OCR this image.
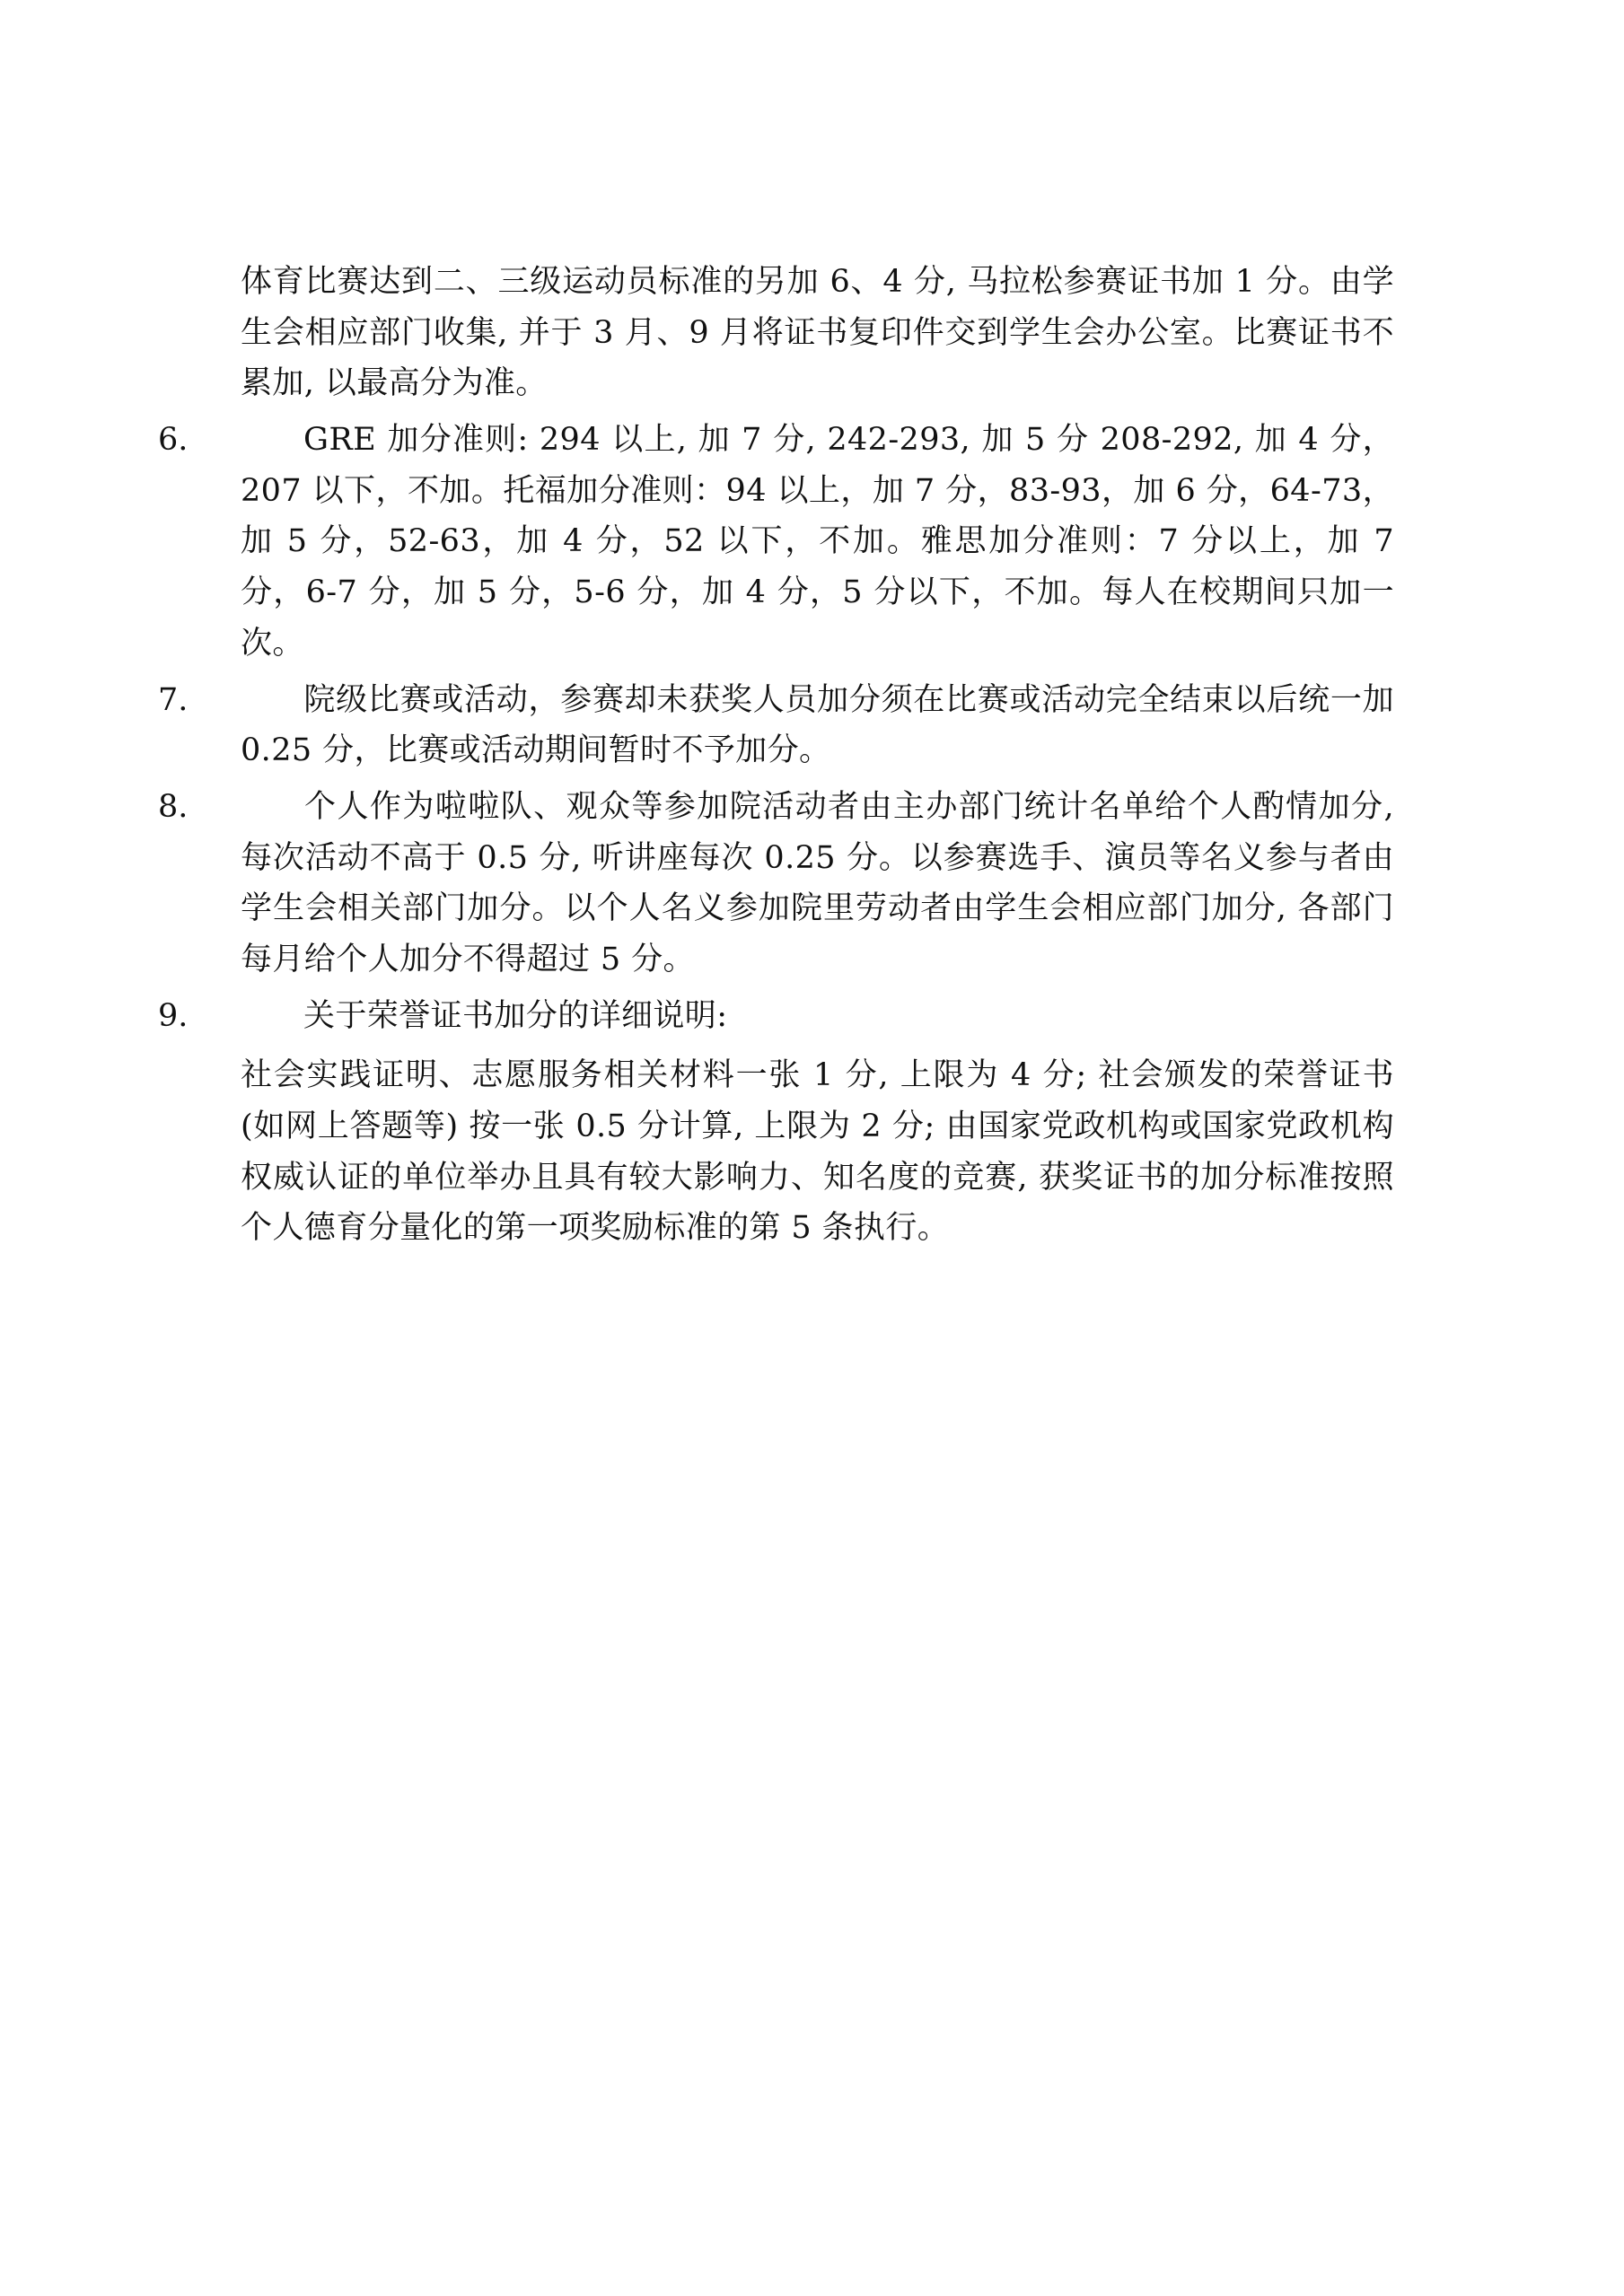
体育比赛达到二、三级运动员标准的另加 6、4 分, 马拉松参赛证书加 1 分。由学生会相应部门收集, 并于 3 月、9 月将证书复印件交到学生会办公室。比赛证书不累加, 以最高分为准。

6.	GRE 加分准则: 294 以上, 加 7 分, 242-293, 加 5 分 208-292, 加 4 分，207 以下，不加。托福加分准则：94 以上，加 7 分，83-93，加 6 分，64-73，加 5 分，52-63，加 4 分，52 以下，不加。雅思加分准则：7 分以上，加 7 分，6-7 分，加 5 分，5-6 分，加 4 分，5 分以下，不加。每人在校期间只加一次。
7.	院级比赛或活动，参赛却未获奖人员加分须在比赛或活动完全结束以后统一加 0.25 分，比赛或活动期间暂时不予加分。
8.	个人作为啦啦队、观众等参加院活动者由主办部门统计名单给个人酌情加分, 每次活动不高于 0.5 分, 听讲座每次 0.25 分。以参赛选手、演员等名义参与者由学生会相关部门加分。以个人名义参加院里劳动者由学生会相应部门加分, 各部门每月给个人加分不得超过 5 分。
9.	关于荣誉证书加分的详细说明:

社会实践证明、志愿服务相关材料一张 1 分, 上限为 4 分; 社会颁发的荣誉证书 (如网上答题等) 按一张 0.5 分计算, 上限为 2 分; 由国家党政机构或国家党政机构权威认证的单位举办且具有较大影响力、知名度的竞赛, 获奖证书的加分标准按照个人德育分量化的第一项奖励标准的第 5 条执行。
